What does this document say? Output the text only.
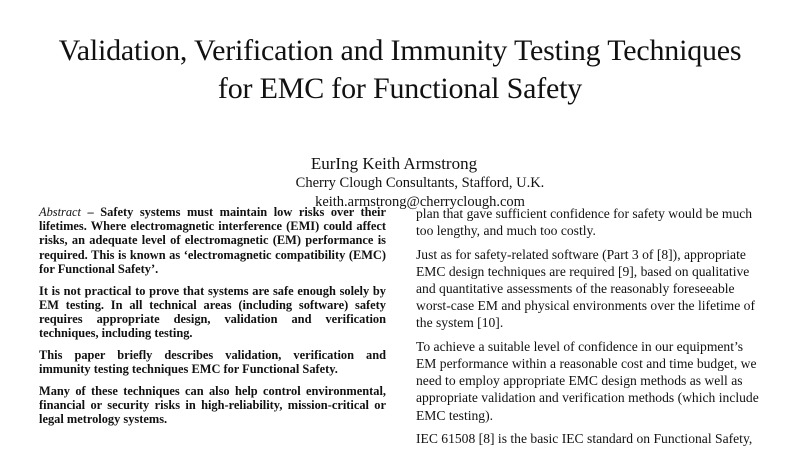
Validation, Verification and Immunity Testing Techniques
for EMC for Functional Safety
EurIng Keith Armstrong
Cherry Clough Consultants, Stafford, U.K.
keith.armstrong@cherryclough.com

Abstract – Safety systems must maintain low risks over their lifetimes. Where electromagnetic interference (EMI) could affect risks, an adequate level of electromagnetic (EM) performance is required. This is known as ‘electromagnetic compatibility (EMC) for Functional Safety’.

It is not practical to prove that systems are safe enough solely by EM testing. In all technical areas (including software) safety requires appropriate design, validation and verification techniques, including testing.

This paper briefly describes validation, verification and immunity testing techniques EMC for Functional Safety.

Many of these techniques can also help control environmental, financial or security risks in high-reliability, mission-critical or legal metrology systems.

plan that gave sufficient confidence for safety would be much too lengthy, and much too costly.

Just as for safety-related software (Part 3 of [8]), appropriate EMC design techniques are required [9], based on qualitative and quantitative assessments of the reasonably foreseeable worst-case EM and physical environments over the lifetime of the system [10].

To achieve a suitable level of confidence in our equipment’s EM performance within a reasonable cost and time budget, we need to employ appropriate EMC design methods as well as appropriate validation and verification methods (which include EMC testing).

IEC 61508 [8] is the basic IEC standard on Functional Safety,
